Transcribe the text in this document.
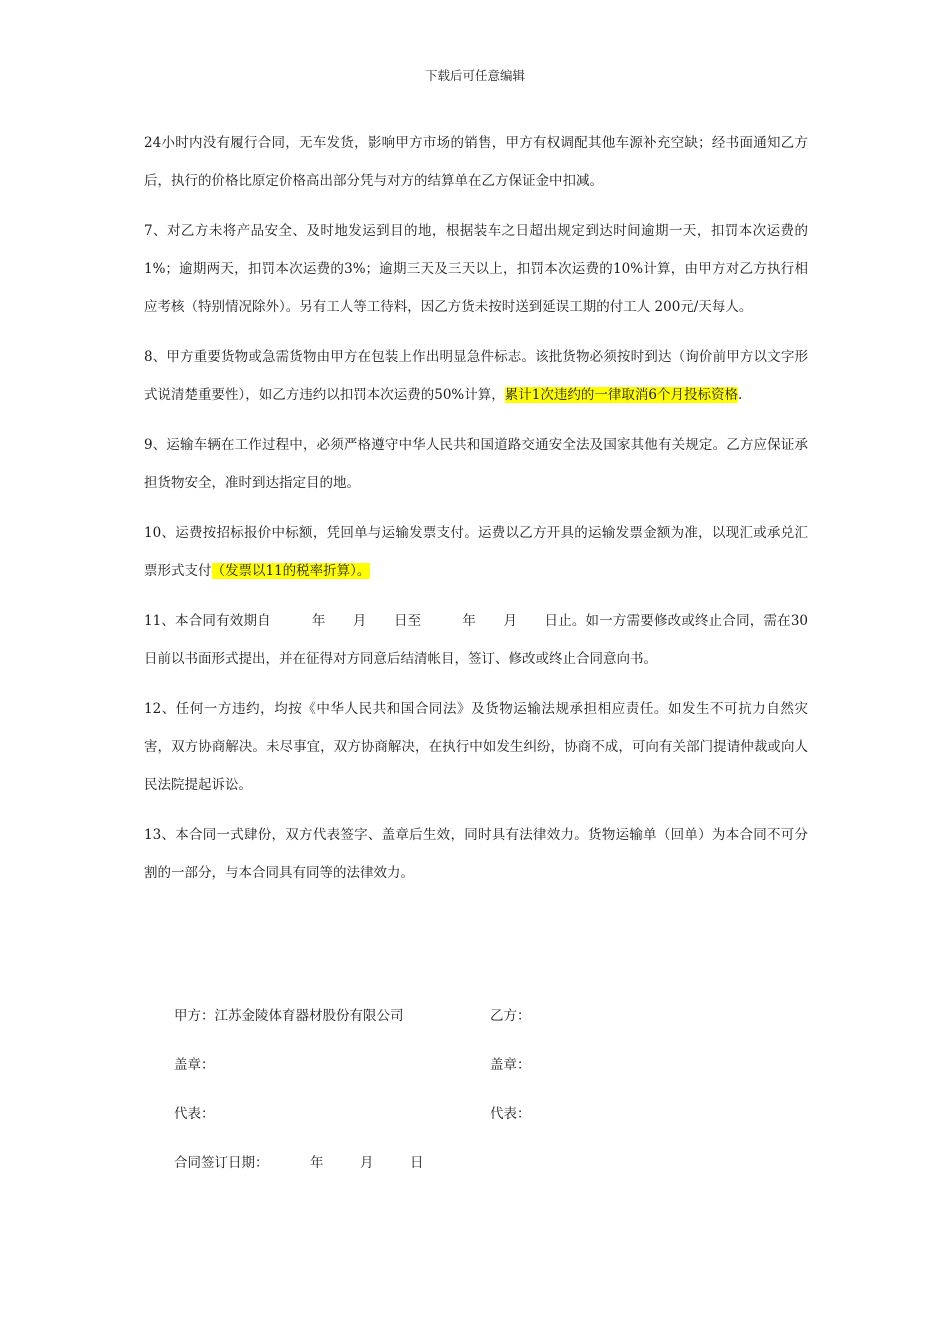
下载后可任意编辑

24小时内没有履行合同，无车发货，影响甲方市场的销售，甲方有权调配其他车源补充空缺；经书面通知乙方后，执行的价格比原定价格高出部分凭与对方的结算单在乙方保证金中扣减。

7、对乙方未将产品安全、及时地发运到目的地，根据装车之日超出规定到达时间逾期一天，扣罚本次运费的1%；逾期两天，扣罚本次运费的3%；逾期三天及三天以上，扣罚本次运费的10%计算，由甲方对乙方执行相应考核（特别情况除外）。另有工人等工待料，因乙方货未按时送到延误工期的付工人 200元/天每人。

8、甲方重要货物或急需货物由甲方在包装上作出明显急件标志。该批货物必须按时到达（询价前甲方以文字形式说清楚重要性），如乙方违约以扣罚本次运费的50%计算，累计1次违约的一律取消6个月投标资格.

9、运输车辆在工作过程中，必须严格遵守中华人民共和国道路交通安全法及国家其他有关规定。乙方应保证承担货物安全，准时到达指定目的地。

10、运费按招标报价中标额，凭回单与运输发票支付。运费以乙方开具的运输发票金额为准，以现汇或承兑汇票形式支付（发票以11的税率折算）。

11、本合同有效期自　　　年　　月　　日至　　　年　　月　　日止。如一方需要修改或终止合同，需在30日前以书面形式提出，并在征得对方同意后结清帐目，签订、修改或终止合同意向书。

12、任何一方违约，均按《中华人民共和国合同法》及货物运输法规承担相应责任。如发生不可抗力自然灾害，双方协商解决。未尽事宜，双方协商解决，在执行中如发生纠纷，协商不成，可向有关部门提请仲裁或向人民法院提起诉讼。

13、本合同一式肆份，双方代表签字、盖章后生效，同时具有法律效力。货物运输单（回单）为本合同不可分割的一部分，与本合同具有同等的法律效力。

甲方：江苏金陵体育器材股份有限公司	乙方：
盖章：	盖章：
代表：	代表：
合同签订日期：	年	月	日
